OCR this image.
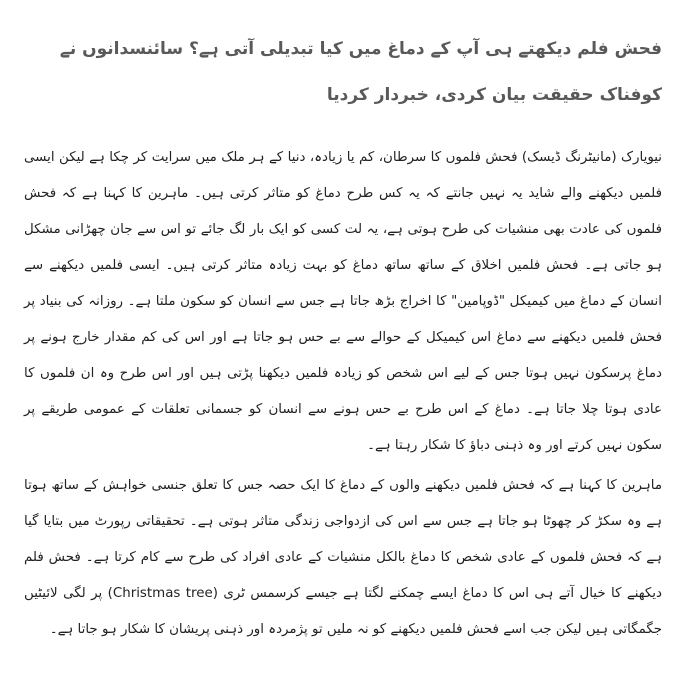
فحش فلم دیکھتے ہی آپ کے دماغ میں کیا تبدیلی آتی ہے؟ سائنسدانوں نے کوفناک حقیقت بیان کردی، خبردار کردیا

نیویارک (مانیٹرنگ ڈیسک) فحش فلموں کا سرطان، کم یا زیادہ، دنیا کے ہر ملک میں سرایت کر چکا ہے لیکن ایسی فلمیں دیکھنے والے شاید یہ نہیں جانتے کہ یہ کس طرح دماغ کو متاثر کرتی ہیں۔ ماہرین کا کہنا ہے کہ فحش فلموں کی عادت بھی منشیات کی طرح ہوتی ہے، یہ لت کسی کو ایک بار لگ جائے تو اس سے جان چھڑانی مشکل ہو جاتی ہے۔ فحش فلمیں اخلاق کے ساتھ ساتھ دماغ کو بہت زیادہ متاثر کرتی ہیں۔ ایسی فلمیں دیکھنے سے انسان کے دماغ میں کیمیکل "ڈوپامین" کا اخراج بڑھ جاتا ہے جس سے انسان کو سکون ملتا ہے۔ روزانہ کی بنیاد پر فحش فلمیں دیکھنے سے دماغ اس کیمیکل کے حوالے سے بے حس ہو جاتا ہے اور اس کی کم مقدار خارج ہونے پر دماغ پرسکون نہیں ہوتا جس کے لیے اس شخص کو زیادہ فلمیں دیکھنا پڑتی ہیں اور اس طرح وہ ان فلموں کا عادی ہوتا چلا جاتا ہے۔ دماغ کے اس طرح بے حس ہونے سے انسان کو جسمانی تعلقات کے عمومی طریقے پر سکون نہیں کرتے اور وہ ذہنی دباؤ کا شکار رہتا ہے۔

ماہرین کا کہنا ہے کہ فحش فلمیں دیکھنے والوں کے دماغ کا ایک حصہ جس کا تعلق جنسی خواہش کے ساتھ ہوتا ہے وہ سکڑ کر چھوٹا ہو جاتا ہے جس سے اس کی ازدواجی زندگی متاثر ہوتی ہے۔ تحقیقاتی رپورٹ میں بتایا گیا ہے کہ فحش فلموں کے عادی شخص کا دماغ بالکل منشیات کے عادی افراد کی طرح سے کام کرتا ہے۔ فحش فلم دیکھنے کا خیال آتے ہی اس کا دماغ ایسے چمکنے لگتا ہے جیسے کرسمس ٹری (Christmas tree) پر لگی لائیٹیں جگمگاتی ہیں لیکن جب اسے فحش فلمیں دیکھنے کو نہ ملیں تو پژمردہ اور ذہنی پریشان کا شکار ہو جاتا ہے۔
